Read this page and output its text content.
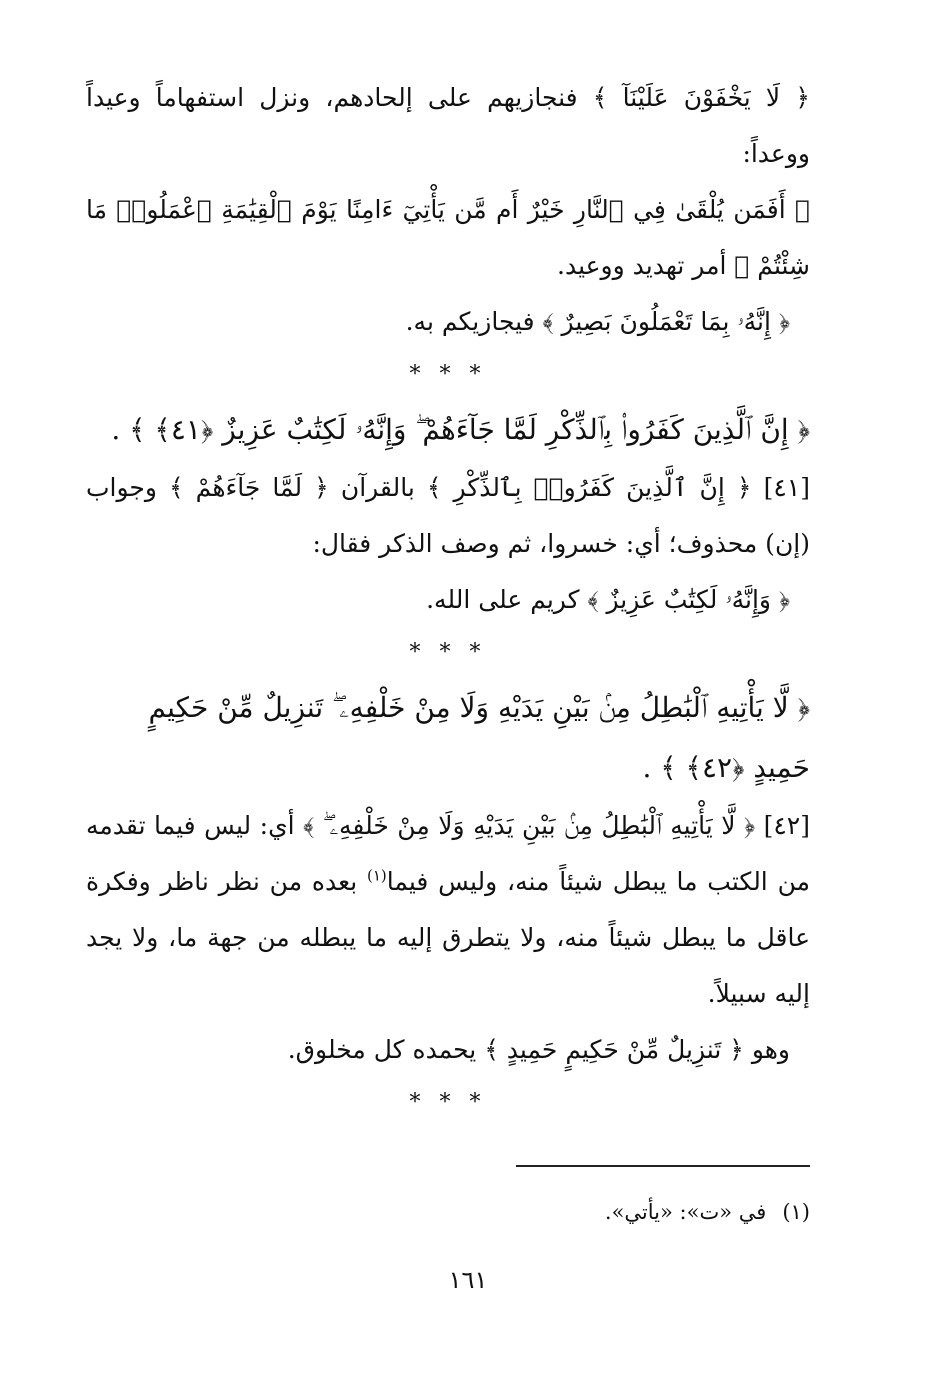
﴿ لَا يَخْفَوْنَ عَلَيْنَآ ﴾ فنجازيهم على إلحادهم، ونزل استفهاماً وعيداً ووعداً:

﴿ أَفَمَن يُلْقَىٰ فِي ٱلنَّارِ خَيْرٌ أَم مَّن يَأْتِيٓ ءَامِنًا يَوْمَ ٱلْقِيَٰمَةِ ٱعْمَلُوا۟ مَا شِئْتُمْ ﴾ أمر تهديد ووعيد.

﴿ إِنَّهُۥ بِمَا تَعْمَلُونَ بَصِيرٌ ﴾ فيجازيكم به.

* * *

﴿ إِنَّ ٱلَّذِينَ كَفَرُوا۟ بِٱلذِّكْرِ لَمَّا جَآءَهُمْ ۖ وَإِنَّهُۥ لَكِتَٰبٌ عَزِيزٌ ﴿٤١﴾ ﴾ .

[٤١] ﴿ إِنَّ ٱلَّذِينَ كَفَرُوا۟ بِٱلذِّكْرِ ﴾ بالقرآن ﴿ لَمَّا جَآءَهُمْ ﴾ وجواب (إن) محذوف؛ أي: خسروا، ثم وصف الذكر فقال:

﴿ وَإِنَّهُۥ لَكِتَٰبٌ عَزِيزٌ ﴾ كريم على الله.

* * *

﴿ لَّا يَأْتِيهِ ٱلْبَٰطِلُ مِنۢ بَيْنِ يَدَيْهِ وَلَا مِنْ خَلْفِهِۦ ۖ تَنزِيلٌ مِّنْ حَكِيمٍ حَمِيدٍ ﴿٤٢﴾ ﴾ .

[٤٢] ﴿ لَّا يَأْتِيهِ ٱلْبَٰطِلُ مِنۢ بَيْنِ يَدَيْهِ وَلَا مِنْ خَلْفِهِۦ ۖ ﴾ أي: ليس فيما تقدمه من الكتب ما يبطل شيئاً منه، وليس فيما$^{(١)}$ بعده من نظر ناظر وفكرة عاقل ما يبطل شيئاً منه، ولا يتطرق إليه ما يبطله من جهة ما، ولا يجد إليه سبيلاً.

وهو ﴿ تَنزِيلٌ مِّنْ حَكِيمٍ حَمِيدٍ ﴾ يحمده كل مخلوق.

* * *

(١)في «ت»: «يأتي».
١٦١
